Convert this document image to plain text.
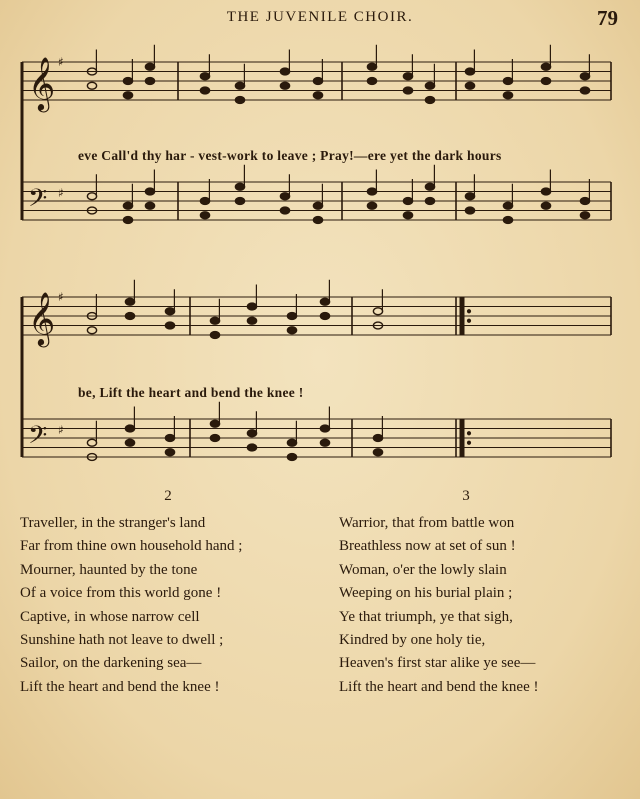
THE JUVENILE CHOIR.	79
𝄞 ♯
𝄢 ♯
𝄞 ♯
𝄢 ♯
eve Call'd thy har - vest-work to leave ; Pray!—ere yet the dark hours
be, Lift the heart and bend the knee !
2	3
Traveller, in the stranger's land
Far from thine own household hand ;
Mourner, haunted by the tone
Of a voice from this world gone !
Captive, in whose narrow cell
Sunshine hath not leave to dwell ;
Sailor, on the darkening sea—
Lift the heart and bend the knee !
Warrior, that from battle won
Breathless now at set of sun !
Woman, o'er the lowly slain
Weeping on his burial plain ;
Ye that triumph, ye that sigh,
Kindred by one holy tie,
Heaven's first star alike ye see—
Lift the heart and bend the knee !
